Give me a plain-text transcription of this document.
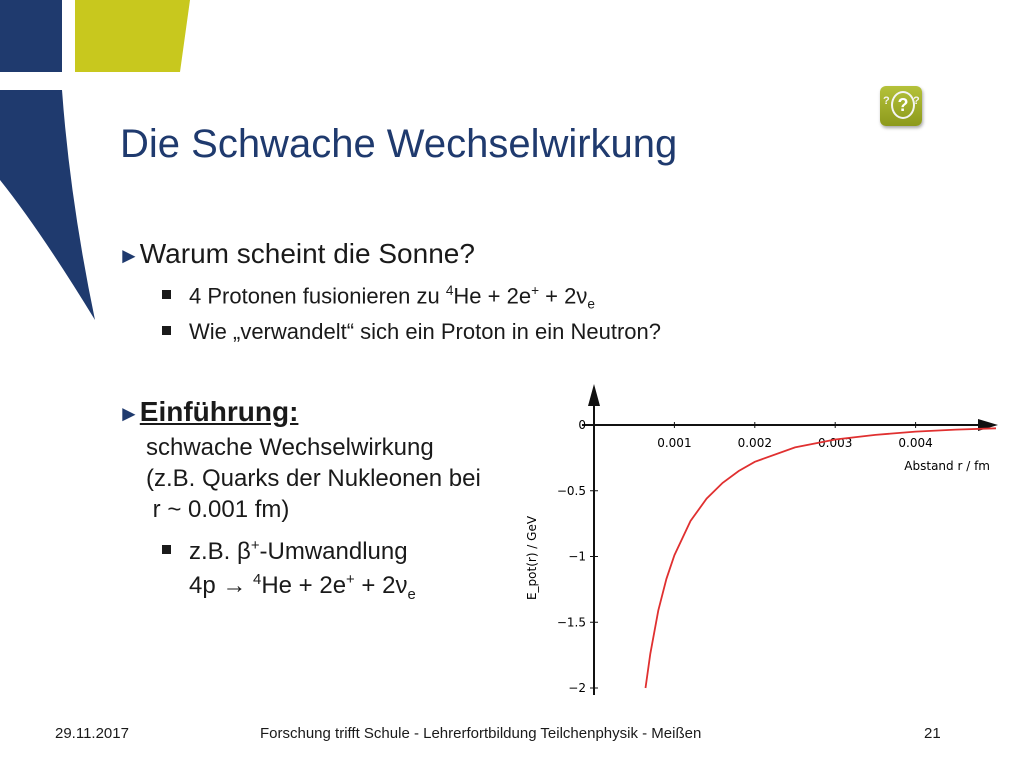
? ? ?
Die Schwache Wechselwirkung
►Warum scheint die Sonne?
4 Protonen fusionieren zu $^4He + 2e^+ + 2\nu_e$
Wie „verwandelt“ sich ein Proton in ein Neutron?
►Einführung:
schwache Wechselwirkung
(z.B. Quarks der Nukleonen bei
r ~ 0.001 fm)
z.B. β+-Umwandlung
$4p \to ^4He + 2e^+ + 2\nu_e$
0.001	0.002	0.003	0.004
0
−0.5
−1
−1.5
−2
Abstand r / fm
E_pot(r) / GeV
29.11.2017	Forschung trifft Schule - Lehrerfortbildung Teilchenphysik - Meißen	21
